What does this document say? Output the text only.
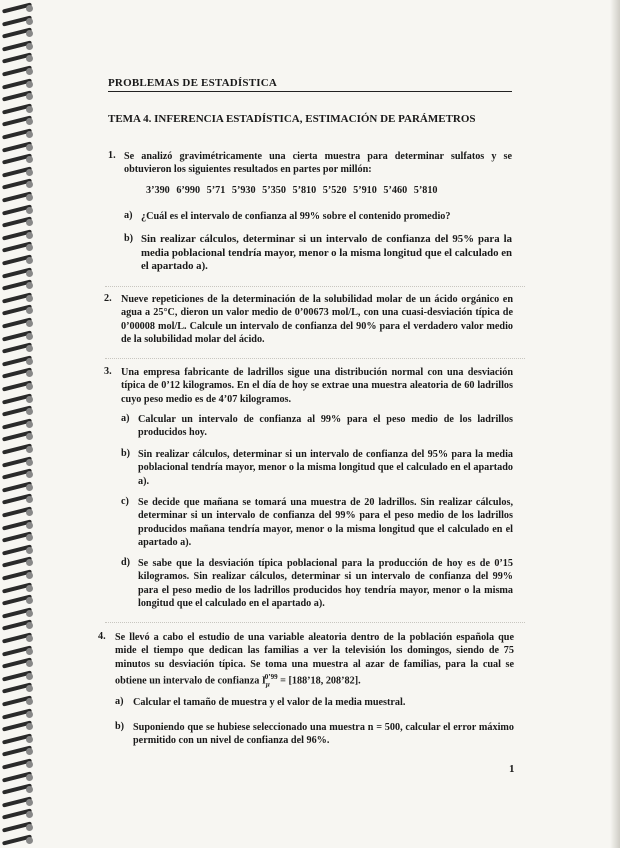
PROBLEMAS DE ESTADÍSTICA
TEMA 4. INFERENCIA ESTADÍSTICA, ESTIMACIÓN DE PARÁMETROS
1. Se analizó gravimétricamente una cierta muestra para determinar sulfatos y se obtuvieron los siguientes resultados en partes por millón:
3’390 6’990 5’71 5’930 5’350 5’810 5’520 5’910 5’460 5’810
a) ¿Cuál es el intervalo de confianza al 99% sobre el contenido promedio?
b) Sin realizar cálculos, determinar si un intervalo de confianza del 95% para la media poblacional tendría mayor, menor o la misma longitud que el calculado en el apartado a).
2. Nueve repeticiones de la determinación de la solubilidad molar de un ácido orgánico en agua a 25°C, dieron un valor medio de 0’00673 mol/L, con una cuasi-desviación típica de 0’00008 mol/L. Calcule un intervalo de confianza del 90% para el verdadero valor medio de la solubilidad molar del ácido.
3. Una empresa fabricante de ladrillos sigue una distribución normal con una desviación típica de 0’12 kilogramos. En el día de hoy se extrae una muestra aleatoria de 60 ladrillos cuyo peso medio es de 4’07 kilogramos.
a) Calcular un intervalo de confianza al 99% para el peso medio de los ladrillos producidos hoy.
b) Sin realizar cálculos, determinar si un intervalo de confianza del 95% para la media poblacional tendría mayor, menor o la misma longitud que el calculado en el apartado a).
c) Se decide que mañana se tomará una muestra de 20 ladrillos. Sin realizar cálculos, determinar si un intervalo de confianza del 99% para el peso medio de los ladrillos producidos mañana tendría mayor, menor o la misma longitud que el calculado en el apartado a).
d) Se sabe que la desviación típica poblacional para la producción de hoy es de 0’15 kilogramos. Sin realizar cálculos, determinar si un intervalo de confianza del 99% para el peso medio de los ladrillos producidos hoy tendría mayor, menor o la misma longitud que el calculado en el apartado a).
4. Se llevó a cabo el estudio de una variable aleatoria dentro de la población española que mide el tiempo que dedican las familias a ver la televisión los domingos, siendo de 75 minutos su desviación típica. Se toma una muestra al azar de familias, para la cual se obtiene un intervalo de confianza $I_\mu^{0’99}$ = [188’18, 208’82].
a) Calcular el tamaño de muestra y el valor de la media muestral.
b) Suponiendo que se hubiese seleccionado una muestra n = 500, calcular el error máximo permitido con un nivel de confianza del 96%.
1
